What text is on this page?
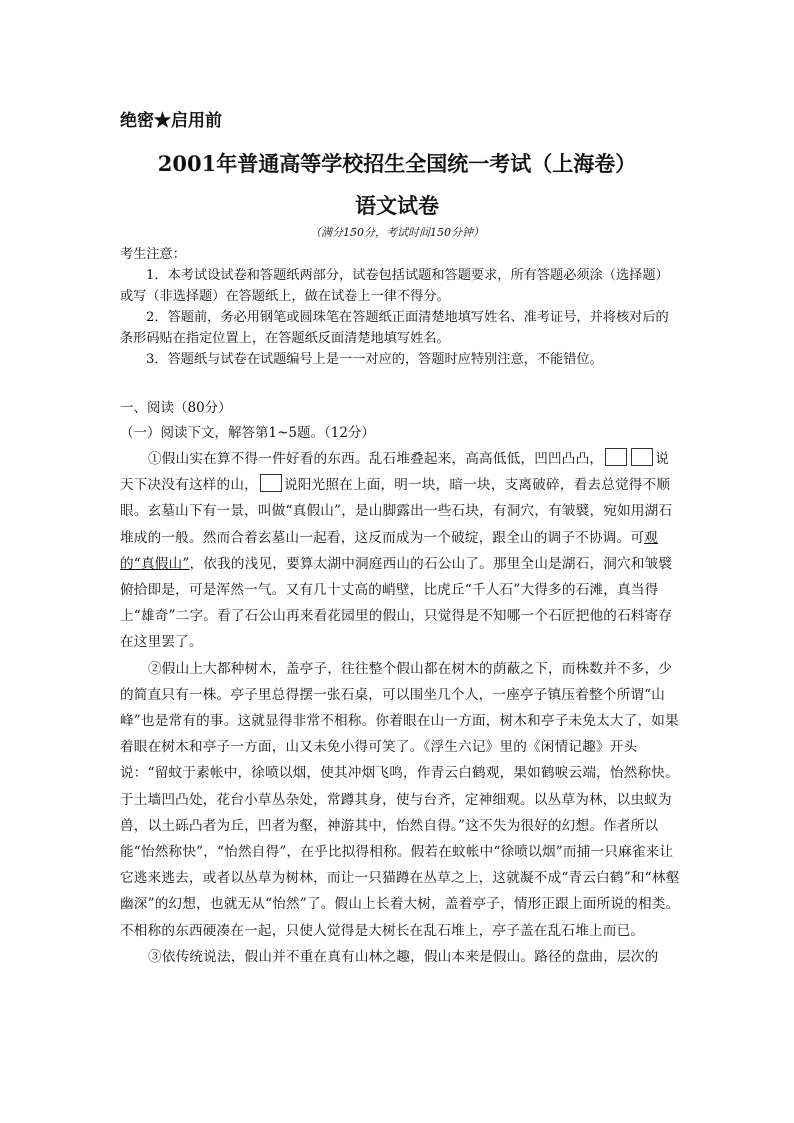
绝密★启用前
2001年普通高等学校招生全国统一考试（上海卷）
语文试卷
（满分150分，考试时间150分钟）
考生注意：

1．本考试设试卷和答题纸两部分，试卷包括试题和答题要求，所有答题必须涂（选择题）或写（非选择题）在答题纸上，做在试卷上一律不得分。

2．答题前，务必用钢笔或圆珠笔在答题纸正面清楚地填写姓名、准考证号，并将核对后的条形码贴在指定位置上，在答题纸反面清楚地填写姓名。

3．答题纸与试卷在试题编号上是一一对应的，答题时应特别注意，不能错位。

一、阅读（80分）
（一）阅读下文，解答第1~5题。（12分）

①假山实在算不得一件好看的东西。乱石堆叠起来，高高低低，凹凹凸凸，	说天下决没有这样的山， 说阳光照在上面，明一块，暗一块，支离破碎，看去总觉得不顺眼。玄墓山下有一景，叫做“真假山”，是山脚露出一些石块，有洞穴，有皱襞，宛如用湖石堆成的一般。然而合着玄墓山一起看，这反而成为一个破绽，跟全山的调子不协调。可观的“真假山”，依我的浅见，要算太湖中洞庭西山的石公山了。那里全山是湖石，洞穴和皱襞俯拾即是，可是浑然一气。又有几十丈高的峭壁，比虎丘“千人石”大得多的石滩，真当得上“雄奇”二字。看了石公山再来看花园里的假山，只觉得是不知哪一个石匠把他的石料寄存在这里罢了。

②假山上大都种树木，盖亭子，往往整个假山都在树木的荫蔽之下，而株数并不多，少的简直只有一株。亭子里总得摆一张石桌，可以围坐几个人，一座亭子镇压着整个所谓“山峰”也是常有的事。这就显得非常不相称。你着眼在山一方面，树木和亭子未免太大了，如果着眼在树木和亭子一方面，山又未免小得可笑了。《浮生六记》里的《闲情记趣》开头说：“留蚊于素帐中，徐喷以烟，使其冲烟飞鸣，作青云白鹤观，果如鹤唳云端，怡然称快。于土墙凹凸处，花台小草丛杂处，常蹲其身，使与台齐，定神细观。以丛草为林，以虫蚁为兽，以土砾凸者为丘，凹者为壑，神游其中，怡然自得。”这不失为很好的幻想。作者所以能“怡然称快”，“怡然自得”，在乎比拟得相称。假若在蚊帐中“徐喷以烟”而捕一只麻雀来让它逃来逃去，或者以丛草为树林，而让一只猫蹲在丛草之上，这就凝不成“青云白鹤”和“林壑幽深”的幻想，也就无从“怡然”了。假山上长着大树，盖着亭子，情形正跟上面所说的相类。不相称的东西硬凑在一起，只使人觉得是大树长在乱石堆上，亭子盖在乱石堆上而已。

③依传统说法，假山并不重在真有山林之趣，假山本来是假山。路径的盘曲，层次的
